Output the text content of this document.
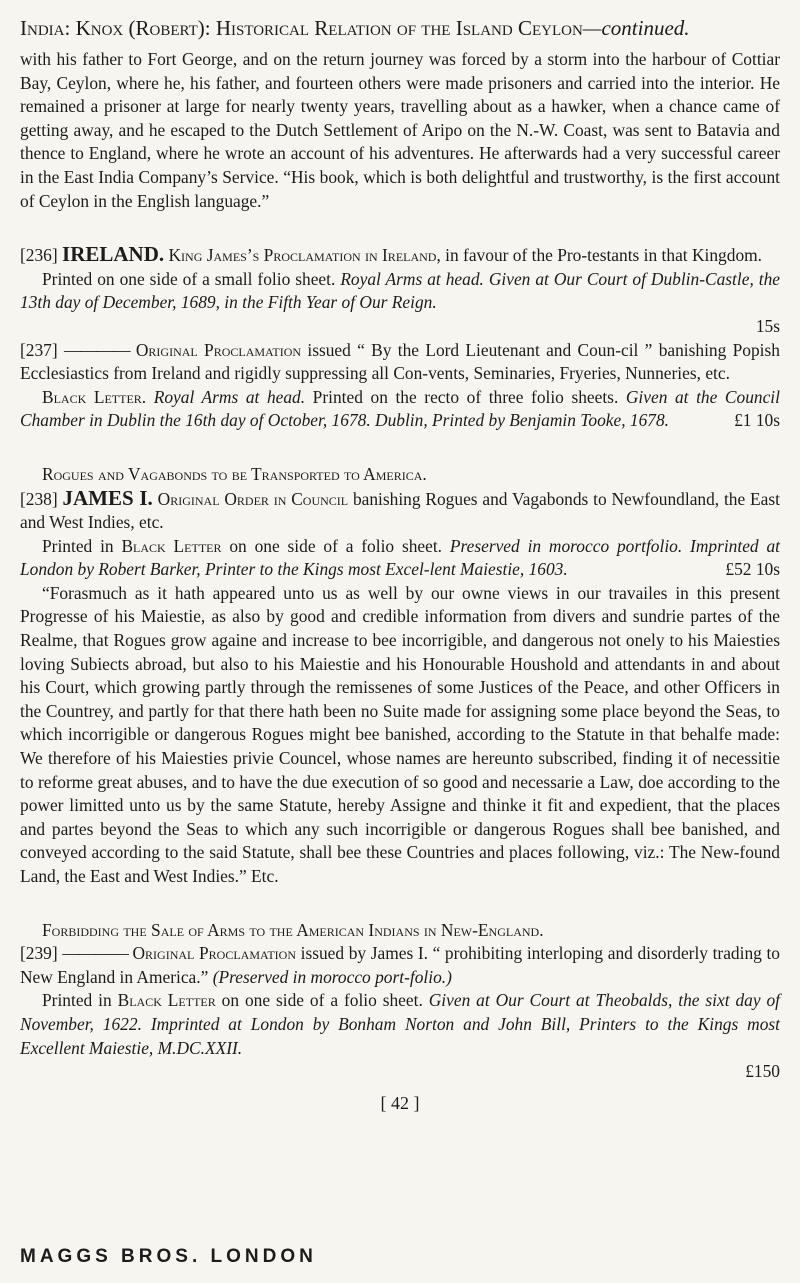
India: Knox (Robert): Historical Relation of the Island Ceylon—continued.

with his father to Fort George, and on the return journey was forced by a storm into the harbour of Cottiar Bay, Ceylon, where he, his father, and fourteen others were made prisoners and carried into the interior. He remained a prisoner at large for nearly twenty years, travelling about as a hawker, when a chance came of getting away, and he escaped to the Dutch Settlement of Aripo on the N.-W. Coast, was sent to Batavia and thence to England, where he wrote an account of his adventures. He afterwards had a very successful career in the East India Company’s Service. “His book, which is both delightful and trustworthy, is the first account of Ceylon in the English language.”

[236] IRELAND. King James’s Proclamation in Ireland, in favour of the Pro-testants in that Kingdom.

Printed on one side of a small folio sheet. Royal Arms at head. Given at Our Court of Dublin-Castle, the 13th day of December, 1689, in the Fifth Year of Our Reign.

15s

[237] ———— Original Proclamation issued “ By the Lord Lieutenant and Coun-cil ” banishing Popish Ecclesiastics from Ireland and rigidly suppressing all Con-vents, Seminaries, Fryeries, Nunneries, etc.

Black Letter. Royal Arms at head. Printed on the recto of three folio sheets. Given at the Council Chamber in Dublin the 16th day of October, 1678. Dublin, Printed by Benjamin Tooke, 1678.	£1 10s

Rogues and Vagabonds to be Transported to America.

[238] JAMES I. Original Order in Council banishing Rogues and Vagabonds to Newfoundland, the East and West Indies, etc.

Printed in Black Letter on one side of a folio sheet. Preserved in morocco portfolio. Imprinted at London by Robert Barker, Printer to the Kings most Excel-lent Maiestie, 1603.	£52 10s

“Forasmuch as it hath appeared unto us as well by our owne views in our travailes in this present Progresse of his Maiestie, as also by good and credible information from divers and sundrie partes of the Realme, that Rogues grow againe and increase to bee incorrigible, and dangerous not onely to his Maiesties loving Subiects abroad, but also to his Maiestie and his Honourable Houshold and attendants in and about his Court, which growing partly through the remissenes of some Justices of the Peace, and other Officers in the Countrey, and partly for that there hath been no Suite made for assigning some place beyond the Seas, to which incorrigible or dangerous Rogues might bee banished, according to the Statute in that behalfe made: We therefore of his Maiesties privie Councel, whose names are hereunto subscribed, finding it of necessitie to reforme great abuses, and to have the due execution of so good and necessarie a Law, doe according to the power limitted unto us by the same Statute, hereby Assigne and thinke it fit and expedient, that the places and partes beyond the Seas to which any such incorrigible or dangerous Rogues shall bee banished, and conveyed according to the said Statute, shall bee these Countries and places following, viz.: The New-found Land, the East and West Indies.” Etc.

Forbidding the Sale of Arms to the American Indians in New-England.

[239] ———— Original Proclamation issued by James I. “ prohibiting interloping and disorderly trading to New England in America.” (Preserved in morocco port-folio.)

Printed in Black Letter on one side of a folio sheet. Given at Our Court at Theobalds, the sixt day of November, 1622. Imprinted at London by Bonham Norton and John Bill, Printers to the Kings most Excellent Maiestie, M.DC.XXII.

£150

[ 42 ]

MAGGS BROS. LONDON
